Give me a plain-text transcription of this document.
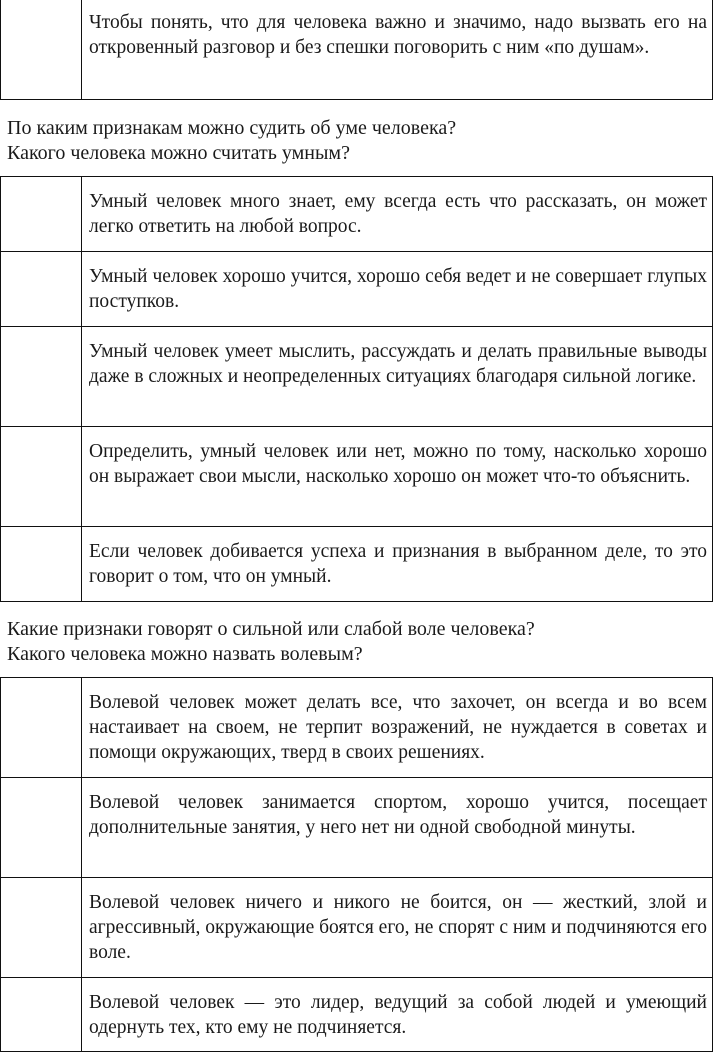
	Чтобы понять, что для человека важно и значимо, надо вызвать его на откровенный разговор и без спешки поговорить с ним «по душам».
По каким признакам можно судить об уме человека?
Какого человека можно считать умным?
	Умный человек много знает, ему всегда есть что рассказать, он может легко ответить на любой вопрос.
	Умный человек хорошо учится, хорошо себя ведет и не совершает глупых поступков.
	Умный человек умеет мыслить, рассуждать и делать правильные выводы даже в сложных и неопределенных ситуациях благодаря сильной логике.
	Определить, умный человек или нет, можно по тому, насколько хорошо он выражает свои мысли, насколько хорошо он может что-то объяснить.
	Если человек добивается успеха и признания в выбранном деле, то это говорит о том, что он умный.
Какие признаки говорят о сильной или слабой воле человека?
Какого человека можно назвать волевым?
	Волевой человек может делать все, что захочет, он всегда и во всем настаивает на своем, не терпит возражений, не нуждается в советах и помощи окружающих, тверд в своих решениях.
	Волевой человек занимается спортом, хорошо учится, посещает дополнительные занятия, у него нет ни одной свободной минуты.
	Волевой человек ничего и никого не боится, он — жесткий, злой и агрессивный, окружающие боятся его, не спорят с ним и подчиняются его воле.
	Волевой человек — это лидер, ведущий за собой людей и умеющий одернуть тех, кто ему не подчиняется.
